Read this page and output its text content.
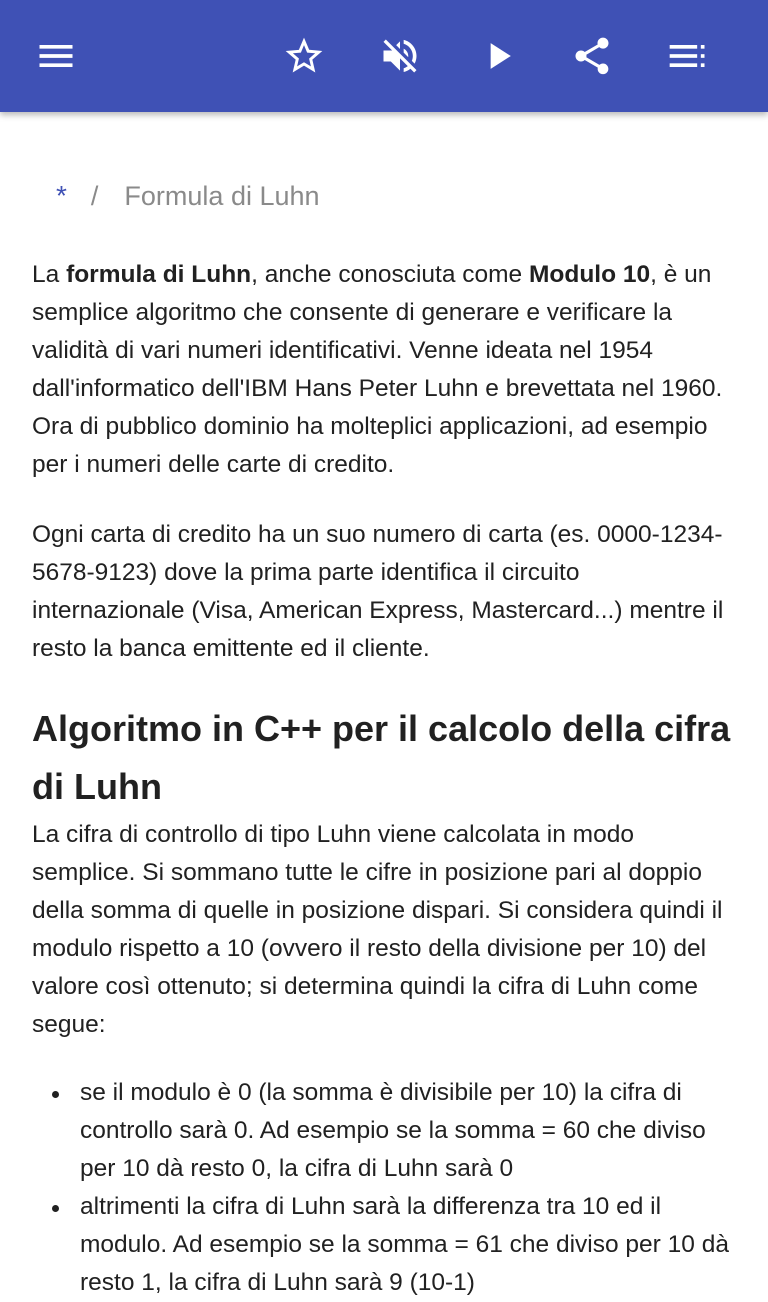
* / Formula di Luhn

La formula di Luhn, anche conosciuta come Modulo 10, è un semplice algoritmo che consente di generare e verificare la validità di vari numeri identificativi. Venne ideata nel 1954 dall'informatico dell'IBM Hans Peter Luhn e brevettata nel 1960. Ora di pubblico dominio ha molteplici applicazioni, ad esempio per i numeri delle carte di credito.

Ogni carta di credito ha un suo numero di carta (es. 0000-1234-5678-9123) dove la prima parte identifica il circuito internazionale (Visa, American Express, Mastercard...) mentre il resto la banca emittente ed il cliente.

Algoritmo in C++ per il calcolo della cifra di Luhn

La cifra di controllo di tipo Luhn viene calcolata in modo semplice. Si sommano tutte le cifre in posizione pari al doppio della somma di quelle in posizione dispari. Si considera quindi il modulo rispetto a 10 (ovvero il resto della divisione per 10) del valore così ottenuto; si determina quindi la cifra di Luhn come segue:

se il modulo è 0 (la somma è divisibile per 10) la cifra di controllo sarà 0. Ad esempio se la somma = 60 che diviso per 10 dà resto 0, la cifra di Luhn sarà 0
altrimenti la cifra di Luhn sarà la differenza tra 10 ed il modulo. Ad esempio se la somma = 61 che diviso per 10 dà resto 1, la cifra di Luhn sarà 9 (10-1)
